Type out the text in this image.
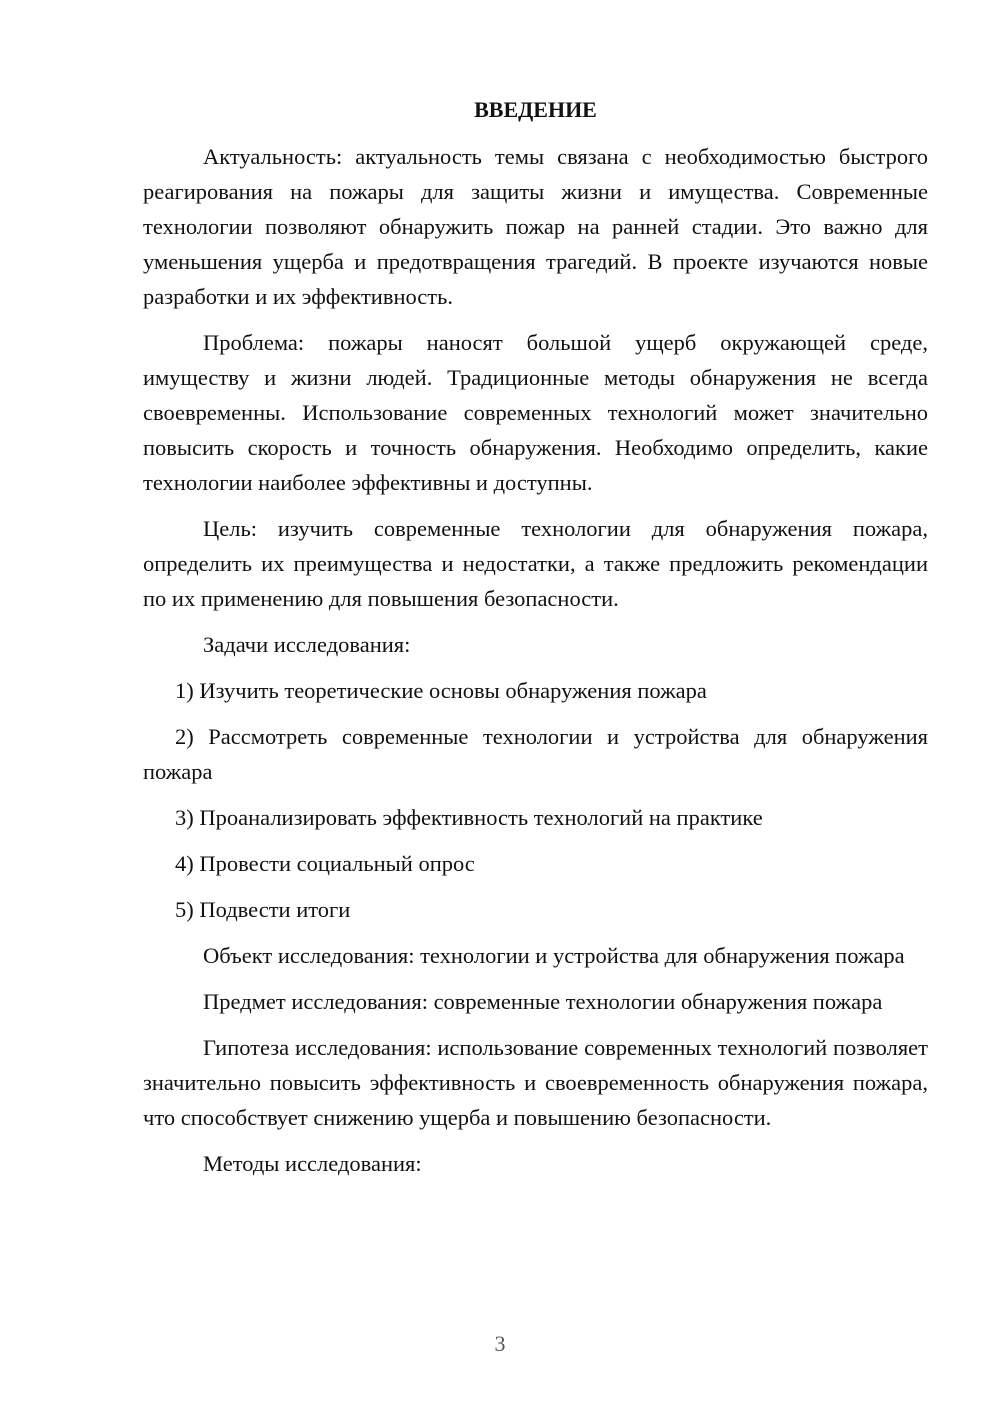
ВВЕДЕНИЕ

Актуальность: актуальность темы связана с необходимостью быстрого реагирования на пожары для защиты жизни и имущества. Современные технологии позволяют обнаружить пожар на ранней стадии. Это важно для уменьшения ущерба и предотвращения трагедий. В проекте изучаются новые разработки и их эффективность.

Проблема: пожары наносят большой ущерб окружающей среде, имуществу и жизни людей. Традиционные методы обнаружения не всегда своевременны. Использование современных технологий может значительно повысить скорость и точность обнаружения. Необходимо определить, какие технологии наиболее эффективны и доступны.

Цель: изучить современные технологии для обнаружения пожара, определить их преимущества и недостатки, а также предложить рекомендации по их применению для повышения безопасности.

Задачи исследования:

1) Изучить теоретические основы обнаружения пожара

2) Рассмотреть современные технологии и устройства для обнаружения пожара

3) Проанализировать эффективность технологий на практике

4) Провести социальный опрос

5) Подвести итоги

Объект исследования: технологии и устройства для обнаружения пожара

Предмет исследования: современные технологии обнаружения пожара

Гипотеза исследования: использование современных технологий позволяет значительно повысить эффективность и своевременность обнаружения пожара, что способствует снижению ущерба и повышению безопасности.

Методы исследования:

3
